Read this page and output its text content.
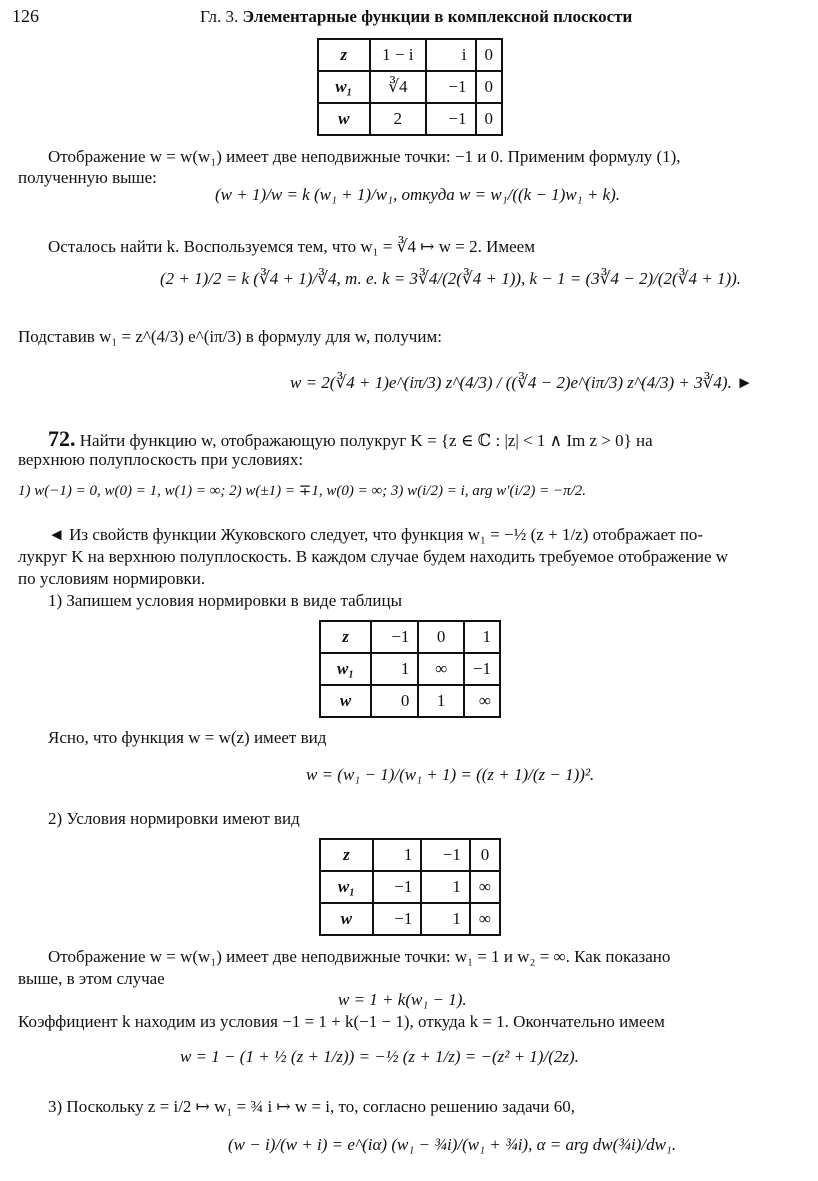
126	Гл. 3. Элементарные функции в комплексной плоскости
z	1 − i	i	0
w₁	∛4	−1	0
w	2	−1	0
Отображение w = w(w₁) имеет две неподвижные точки: −1 и 0. Применим формулу (1),
полученную выше:
(w + 1)/w = k (w₁ + 1)/w₁, откуда w = w₁/((k − 1)w₁ + k).
Осталось найти k. Воспользуемся тем, что w₁ = ∛4 ↦ w = 2. Имеем
(2 + 1)/2 = k (∛4 + 1)/∛4, т. е. k = 3∛4/(2(∛4 + 1)), k − 1 = (3∛4 − 2)/(2(∛4 + 1)).
Подставив w₁ = z^(4/3) e^(iπ/3) в формулу для w, получим:
w = 2(∛4 + 1)e^(iπ/3) z^(4/3) / ((∛4 − 2)e^(iπ/3) z^(4/3) + 3∛4). ►
72. Найти функцию w, отображающую полукруг K = {z ∈ ℂ : |z| < 1 ∧ Im z > 0} на
верхнюю полуплоскость при условиях:
1) w(−1) = 0, w(0) = 1, w(1) = ∞; 2) w(±1) = ∓1, w(0) = ∞; 3) w(i/2) = i, arg w′(i/2) = −π/2.
◄ Из свойств функции Жуковского следует, что функция w₁ = −½ (z + 1/z) отображает по-
лукруг K на верхнюю полуплоскость. В каждом случае будем находить требуемое отображение w
по условиям нормировки.
1) Запишем условия нормировки в виде таблицы
z	−1	0	1
w₁	1	∞	−1
w	0	1	∞
Ясно, что функция w = w(z) имеет вид
w = (w₁ − 1)/(w₁ + 1) = ((z + 1)/(z − 1))².
2) Условия нормировки имеют вид
z	1	−1	0
w₁	−1	1	∞
w	−1	1	∞
Отображение w = w(w₁) имеет две неподвижные точки: w₁ = 1 и w₂ = ∞. Как показано
выше, в этом случае
w = 1 + k(w₁ − 1).
Коэффициент k находим из условия −1 = 1 + k(−1 − 1), откуда k = 1. Окончательно имеем
w = 1 − (1 + ½ (z + 1/z)) = −½ (z + 1/z) = −(z² + 1)/(2z).
3) Поскольку z = i/2 ↦ w₁ = ¾ i ↦ w = i, то, согласно решению задачи 60,
(w − i)/(w + i) = e^(iα) (w₁ − ¾i)/(w₁ + ¾i), α = arg dw(¾i)/dw₁.
